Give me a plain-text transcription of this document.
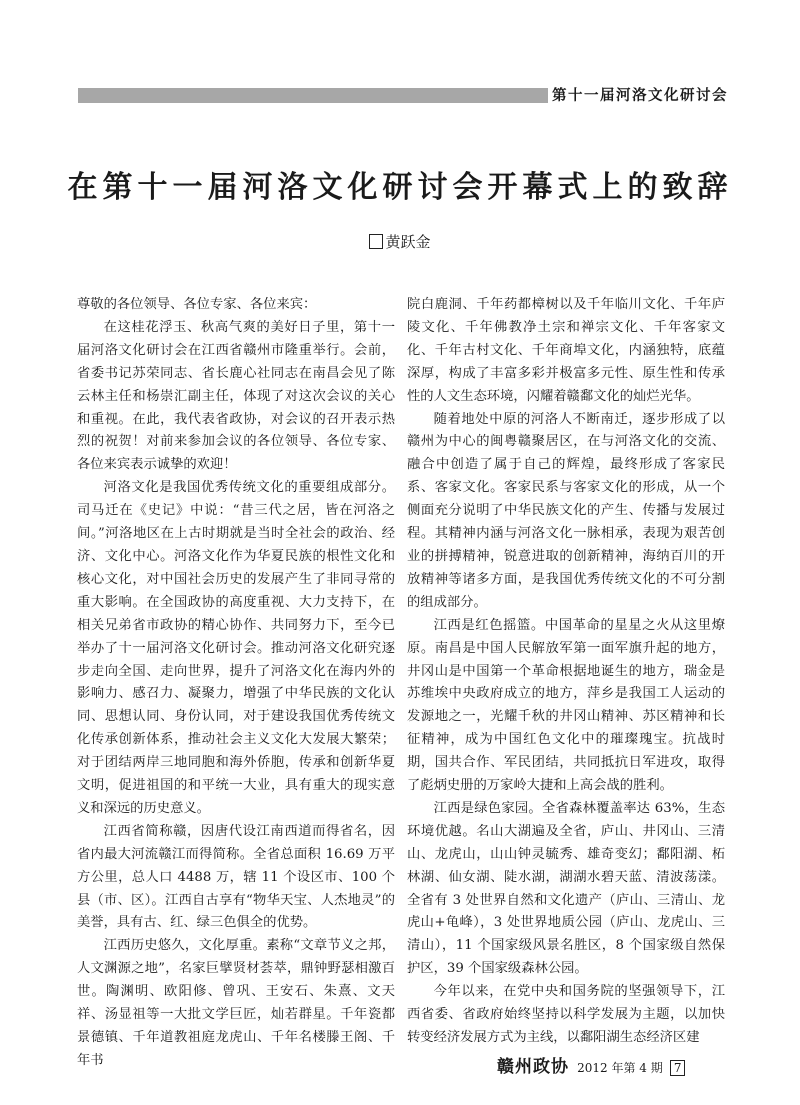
第十一届河洛文化研讨会
在第十一届河洛文化研讨会开幕式上的致辞
黄跃金

尊敬的各位领导、各位专家、各位来宾：

在这桂花浮玉、秋高气爽的美好日子里，第十一届河洛文化研讨会在江西省赣州市隆重举行。会前，省委书记苏荣同志、省长鹿心社同志在南昌会见了陈云林主任和杨崇汇副主任，体现了对这次会议的关心和重视。在此，我代表省政协，对会议的召开表示热烈的祝贺！对前来参加会议的各位领导、各位专家、各位来宾表示诚挚的欢迎！

河洛文化是我国优秀传统文化的重要组成部分。司马迁在《史记》中说：“昔三代之居，皆在河洛之间。”河洛地区在上古时期就是当时全社会的政治、经济、文化中心。河洛文化作为华夏民族的根性文化和核心文化，对中国社会历史的发展产生了非同寻常的重大影响。在全国政协的高度重视、大力支持下，在相关兄弟省市政协的精心协作、共同努力下，至今已举办了十一届河洛文化研讨会。推动河洛文化研究逐步走向全国、走向世界，提升了河洛文化在海内外的影响力、感召力、凝聚力，增强了中华民族的文化认同、思想认同、身份认同，对于建设我国优秀传统文化传承创新体系，推动社会主义文化大发展大繁荣；对于团结两岸三地同胞和海外侨胞，传承和创新华夏文明，促进祖国的和平统一大业，具有重大的现实意义和深远的历史意义。

江西省简称赣，因唐代设江南西道而得省名，因省内最大河流赣江而得简称。全省总面积 16.69 万平方公里，总人口 4488 万，辖 11 个设区市、100 个县（市、区）。江西自古享有“物华天宝、人杰地灵”的美誉，具有古、红、绿三色俱全的优势。

江西历史悠久，文化厚重。素称“文章节义之邦，人文渊源之地”，名家巨擘贤材荟萃，鼎钟野瑟相激百世。陶渊明、欧阳修、曾巩、王安石、朱熹、文天祥、汤显祖等一大批文学巨匠，灿若群星。千年瓷都景德镇、千年道教祖庭龙虎山、千年名楼滕王阁、千年书

院白鹿洞、千年药都樟树以及千年临川文化、千年庐陵文化、千年佛教净土宗和禅宗文化、千年客家文化、千年古村文化、千年商埠文化，内涵独特，底蕴深厚，构成了丰富多彩并极富多元性、原生性和传承性的人文生态环境，闪耀着赣鄱文化的灿烂光华。

随着地处中原的河洛人不断南迁，逐步形成了以赣州为中心的闽粤赣聚居区，在与河洛文化的交流、融合中创造了属于自己的辉煌，最终形成了客家民系、客家文化。客家民系与客家文化的形成，从一个侧面充分说明了中华民族文化的产生、传播与发展过程。其精神内涵与河洛文化一脉相承，表现为艰苦创业的拼搏精神，锐意进取的创新精神，海纳百川的开放精神等诸多方面，是我国优秀传统文化的不可分割的组成部分。

江西是红色摇篮。中国革命的星星之火从这里燎原。南昌是中国人民解放军第一面军旗升起的地方，井冈山是中国第一个革命根据地诞生的地方，瑞金是苏维埃中央政府成立的地方，萍乡是我国工人运动的发源地之一，光耀千秋的井冈山精神、苏区精神和长征精神，成为中国红色文化中的璀璨瑰宝。抗战时期，国共合作、军民团结，共同抵抗日军进攻，取得了彪炳史册的万家岭大捷和上高会战的胜利。

江西是绿色家园。全省森林覆盖率达 63%，生态环境优越。名山大湖遍及全省，庐山、井冈山、三清山、龙虎山，山山钟灵毓秀、雄奇变幻；鄱阳湖、柘林湖、仙女湖、陡水湖，湖湖水碧天蓝、清波荡漾。全省有 3 处世界自然和文化遗产（庐山、三清山、龙虎山+龟峰），3 处世界地质公园（庐山、龙虎山、三清山），11 个国家级风景名胜区，8 个国家级自然保护区，39 个国家级森林公园。

今年以来，在党中央和国务院的坚强领导下，江西省委、省政府始终坚持以科学发展为主题，以加快转变经济发展方式为主线，以鄱阳湖生态经济区建

赣州政协 2012 年第 4 期 7
